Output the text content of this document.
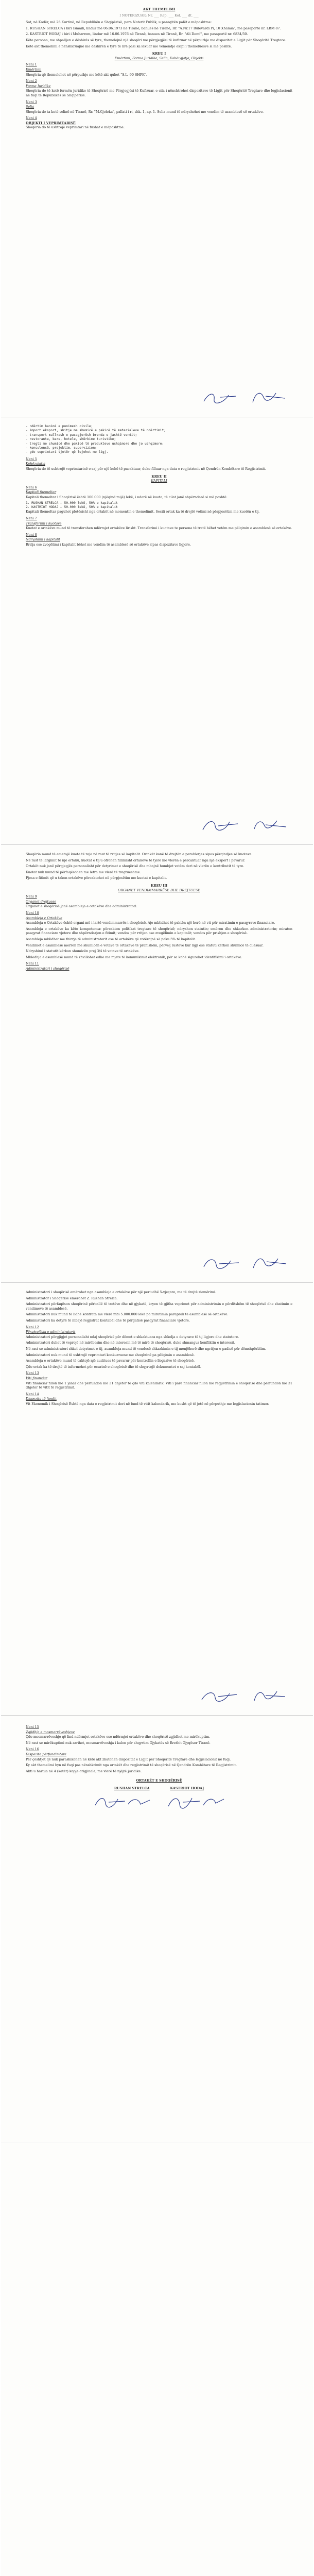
AKT THEMELIMI
I NOTERIZUAR: Nr. ___ Rep. ___ Kol. ___ dt. ___

Sot, në Kodër, më 26 Kurtinë, në Republikën e Shqipërisë, para Noterit Publik, u paraqitën palët e mëposhtme:

1. RUSHAN STRELCA i biri Ismaili, lindur më 06.06.1973 në Tiranë, banues në Tiranë, Rr. "A.Nr.17 Bulevardi Pi, 10 Xhamia", me pasaportë nr. LBM 87.

2. KASTRIOT HODAJ i biri i Muharrem, lindur më 16.06.1976 në Tiranë, banues në Tiranë, Rr. "Ali Demi", me pasaportë nr. 6834/50.

Këta persona, me shpalljen e dëshirës së tyre, themelojnë një shoqëri me përgjegjësi të kufizuar në përputhje me dispozitat e Ligjit për Shoqëritë Tregtare.

Këtë akt themelimi e nënshkruajnë me dëshirën e tyre të lirë pasi ka lexuar me vëmendje ekipi i themeluesve si më poshtë.

KREU I
Emërtimi, Forma Juridike, Selia, Kohëzgjatja, Objekti
Neni 1
Emërtimi

Shoqëria që themelohet në përputhje me këtë akt quhet "S.L.-90 SHPK".

Neni 2
Forma Juridike

Shoqëria do të ketë formën juridike të Shoqërisë me Përgjegjësi të Kufizuar, e cila i nënshtrohet dispozitave të Ligjit për Shoqëritë Tregtare dhe legjislacionit në fuqi të Republikës së Shqipërisë.

Neni 3
Selia

Shoqëria do ta ketë selinë në Tiranë, Rr. "M.Gjoleka", pallati i ri, shk. 1, ap. 1. Selia mund të ndryshohet me vendim të asamblesë së ortakëve.

Neni 4
OBJEKTI I VEPRIMTARISË

Shoqëria do të ushtrojë veprimtari në fushat e mëposhtme:

- ndërtim banimi e punimesh civile;
- import eksport, shitje me shumicë e pakicë të materialeve të ndërtimit;
- transport mallrash e pasagjerësh brenda e jashtë vendit;
- restorante, bare, hotele, shërbime turistike;
- tregti me shumicë dhe pakicë të produkteve ushqimore dhe jo ushqimore;
- konsulencë, projektim, supervizion;
- çdo veprimtari tjetër që lejohet me ligj.
Neni 5
Kohëzgjatja

Shoqëria do të ushtrojë veprimtarinë e saj për një kohë të pacaktuar, duke filluar nga data e regjistrimit në Qendrën Kombëtare të Regjistrimit.

KREU II
KAPITALI
Neni 6
Kapitali themeltar

Kapitali themeltar i Shoqërisë është 100.000 (njëqind mijë) lekë, i ndarë në kuota, të cilat janë shpërndarë si më poshtë:

1. RUSHAN STRELCA — 50.000 lekë, 50% e kapitalit
2. KASTRIOT HODAJ — 50.000 lekë, 50% e kapitalit

Kapitali themeltar paguhet plotësisht nga ortakët në momentin e themelimit. Secili ortak ka të drejtë votimi në përpjesëtim me kuotën e tij.

Neni 7
Transferimi i kuotave

Kuotat e ortakëve mund të transferohen ndërmjet ortakëve lirisht. Transferimi i kuotave te persona të tretë bëhet vetëm me pëlqimin e asamblesë së ortakëve.

Neni 8
Ndryshimi i kapitalit

Rritja ose zvogëlimi i kapitalit bëhet me vendim të asamblesë së ortakëve sipas dispozitave ligjore.

Shoqëria mund të emetojë kuota të reja në rast të rritjes së kapitalit. Ortakët kanë të drejtën e parablerjes sipas përqindjes së kuotave.

Në rast të largimit të një ortaku, kuotat e tij u ofrohen fillimisht ortakëve të tjerë me vlerën e përcaktuar nga një ekspert i pavarur.

Ortakët nuk janë përgjegjës personalisht për detyrimet e shoqërisë dhe mbajnë humbjet vetëm deri në vlerën e kontributit të tyre.

Kuotat nuk mund të përfaqësohen me letra me vlerë të tregtueshme.

Pjesa e fitimit që u takon ortakëve përcaktohet në përpjesëtim me kuotat e kapitalit.

KREU III
ORGANET VENDIMMARRËSE DHE DREJTUESE
Neni 9
Organet drejtuese

Organet e shoqërisë janë asambleja e ortakëve dhe administratori.

Neni 10
Asambleja e Ortakëve

Asambleja e Ortakëve është organi më i lartë vendimmarrës i shoqërisë. Ajo mblidhet të paktën një herë në vit për miratimin e pasqyrave financiare.

Asambleja e ortakëve ka këto kompetenca: përcakton politikat tregtare të shoqërisë; ndryshon statutin; emëron dhe shkarkon administratorin; miraton pasqyrat financiare vjetore dhe shpërndarjen e fitimit; vendos për rritjen ose zvogëlimin e kapitalit; vendos për prishjen e shoqërisë.

Asambleja mblidhet me thirrje të administratorit ose të ortakëve që zotërojnë së paku 5% të kapitalit.

Vendimet e asamblesë merren me shumicën e votave të ortakëve të pranishëm, përveç rasteve kur ligji ose statuti kërkon shumicë të cilësuar.

Ndryshimi i statutit kërkon shumicën prej 3/4 të votave të ortakëve.

Mbledhja e asamblesë mund të zhvillohet edhe me mjete të komunikimit elektronik, për sa kohë sigurohet identifikimi i ortakëve.

Neni 11
Administratori i shoqërisë

Administratori i shoqërisë emërohet nga asambleja e ortakëve për një periudhë 5-vjeçare, me të drejtë riemërimi.

Administrator i Shoqërisë emërohet Z. Rushan Strelca.

Administratori përfaqëson shoqërinë përballë të tretëve dhe në gjykatë, kryen të gjitha veprimet për administrimin e përditshëm të shoqërisë dhe zbatimin e vendimeve të asamblesë.

Administratori nuk mund të lidhë kontrata me vlerë mbi 5.000.000 lekë pa miratimin paraprak të asamblesë së ortakëve.

Administratori ka detyrë të mbajë regjistrat kontabël dhe të përgatisë pasqyrat financiare vjetore.

Neni 12
Përgjegjësia e administratorit

Administratori përgjigjet personalisht ndaj shoqërisë për dëmet e shkaktuara nga shkelja e detyrave të tij ligjore dhe statutore.

Administratori duhet të veprojë në mirëbesim dhe në interesin më të mirë të shoqërisë, duke shmangur konfliktin e interesit.

Në rast se administratori shkel detyrimet e tij, asambleja mund të vendosë shkarkimin e tij menjëherë dhe ngritjen e padisë për dëmshpërblim.

Administratori nuk mund të ushtrojë veprimtari konkurruese me shoqërinë pa pëlqimin e asamblesë.

Asambleja e ortakëve mund të caktojë një auditues të pavarur për kontrollin e llogarive të shoqërisë.

Çdo ortak ka të drejtë të informohet për ecurinë e shoqërisë dhe të shqyrtojë dokumentet e saj kontabël.

Neni 13
Viti financiar

Viti financiar fillon më 1 janar dhe përfundon më 31 dhjetor të çdo viti kalendarik. Viti i parë financiar fillon me regjistrimin e shoqërisë dhe përfundon më 31 dhjetor të vitit të regjistrimit.

Neni 14
Dispozita të fundit

Vit Ekonomik i Shoqërisë Është nga data e regjistrimit deri në fund të vitit kalendarik, me kusht që të jetë në përputhje me legjislacionin tatimor.

Neni 15
Zgjidhja e mosmarrëveshjeve

Çdo mosmarrëveshje që lind ndërmjet ortakëve ose ndërmjet ortakëve dhe shoqërisë zgjidhet me mirëkuptim.

Në rast se mirëkuptimi nuk arrihet, mosmarrëveshja i kalon për shqyrtim Gjykatës së Rrethit Gjyqësor Tiranë.

Neni 16
Dispozita përfundimtare

Për çështjet që nuk parashikohen në këtë akt zbatohen dispozitat e Ligjit për Shoqëritë Tregtare dhe legjislacionit në fuqi.

Ky akt themelimi hyn në fuqi pas nënshkrimit nga ortakët dhe regjistrimit të shoqërisë në Qendrën Kombëtare të Regjistrimit.

Akti u hartua në 4 (katër) kopje origjinale, me vlerë të njëjtë juridike.

ORTAKËT E SHOQËRISË
RUSHAN STRELCA	KASTRIOT HODAJ
